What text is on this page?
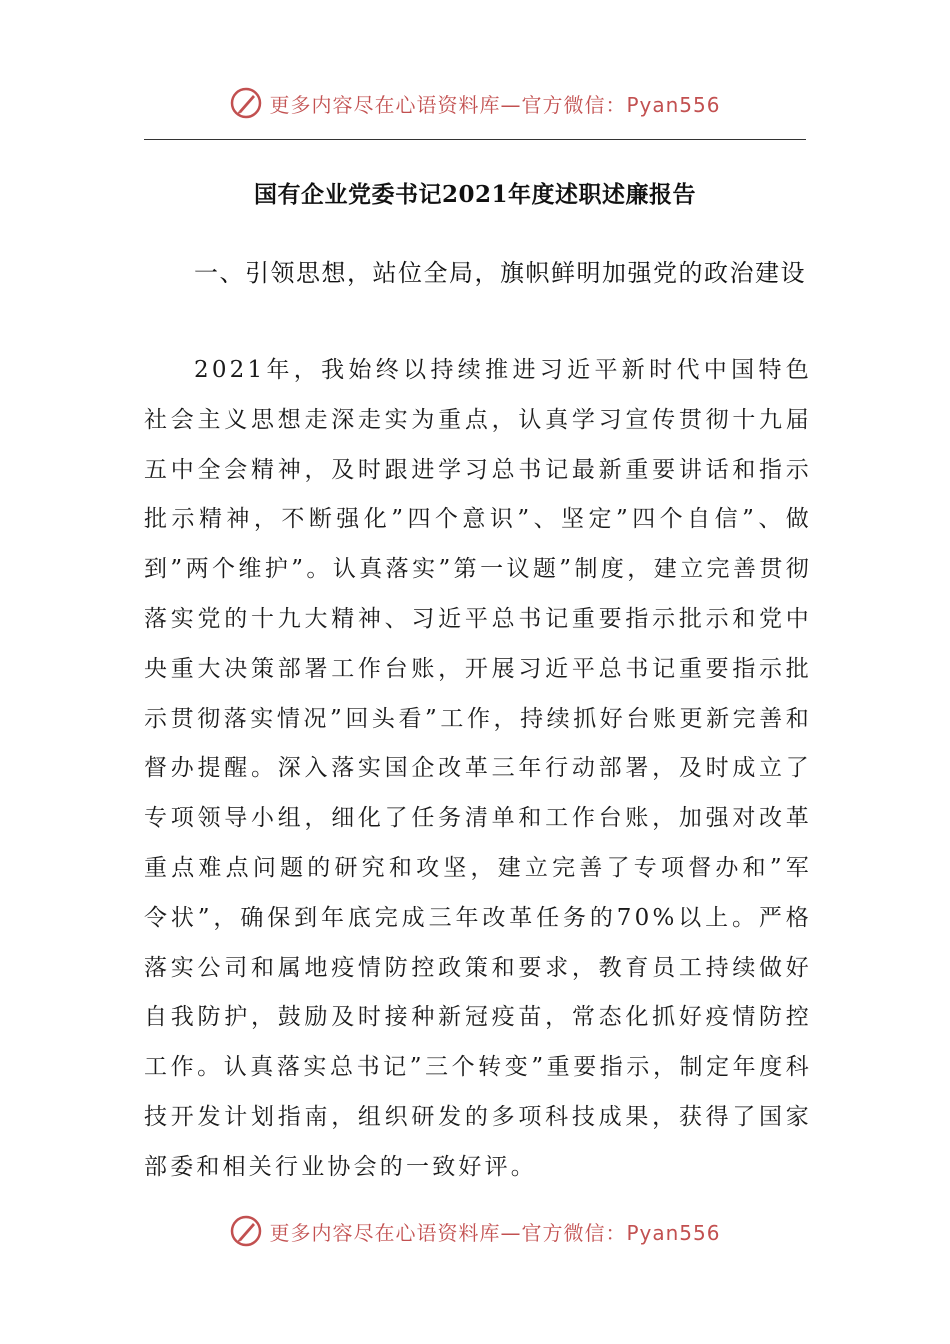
更多内容尽在心语资料库—官方微信：Pyan556
国有企业党委书记2021年度述职述廉报告
一、引领思想，站位全局，旗帜鲜明加强党的政治建设
2021年，我始终以持续推进习近平新时代中国特色社会主义思想走深走实为重点，认真学习宣传贯彻十九届五中全会精神，及时跟进学习总书记最新重要讲话和指示批示精神，不断强化”四个意识”、坚定”四个自信”、做到”两个维护”。认真落实”第一议题”制度，建立完善贯彻落实党的十九大精神、习近平总书记重要指示批示和党中央重大决策部署工作台账，开展习近平总书记重要指示批示贯彻落实情况”回头看”工作，持续抓好台账更新完善和督办提醒。深入落实国企改革三年行动部署，及时成立了专项领导小组，细化了任务清单和工作台账，加强对改革重点难点问题的研究和攻坚，建立完善了专项督办和”军令状”，确保到年底完成三年改革任务的70%以上。严格落实公司和属地疫情防控政策和要求，教育员工持续做好自我防护，鼓励及时接种新冠疫苗，常态化抓好疫情防控工作。认真落实总书记”三个转变”重要指示，制定年度科技开发计划指南，组织研发的多项科技成果，获得了国家部委和相关行业协会的一致好评。
更多内容尽在心语资料库—官方微信：Pyan556
